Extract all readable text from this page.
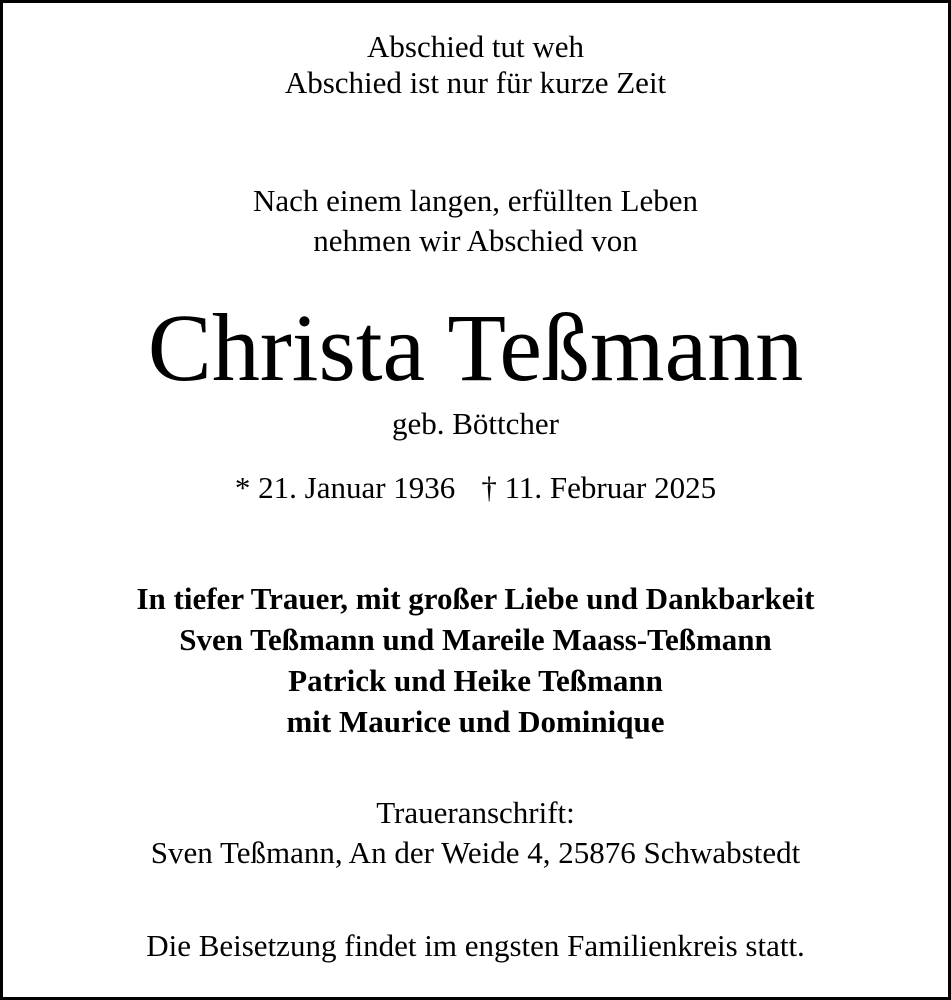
Abschied tut weh
Abschied ist nur für kurze Zeit
Nach einem langen, erfüllten Leben
nehmen wir Abschied von
Christa Teßmann
geb. Böttcher
* 21. Januar 1936 † 11. Februar 2025
In tiefer Trauer, mit großer Liebe und Dankbarkeit
Sven Teßmann und Mareile Maass-Teßmann
Patrick und Heike Teßmann
mit Maurice und Dominique
Traueranschrift:
Sven Teßmann, An der Weide 4, 25876 Schwabstedt
Die Beisetzung findet im engsten Familienkreis statt.
